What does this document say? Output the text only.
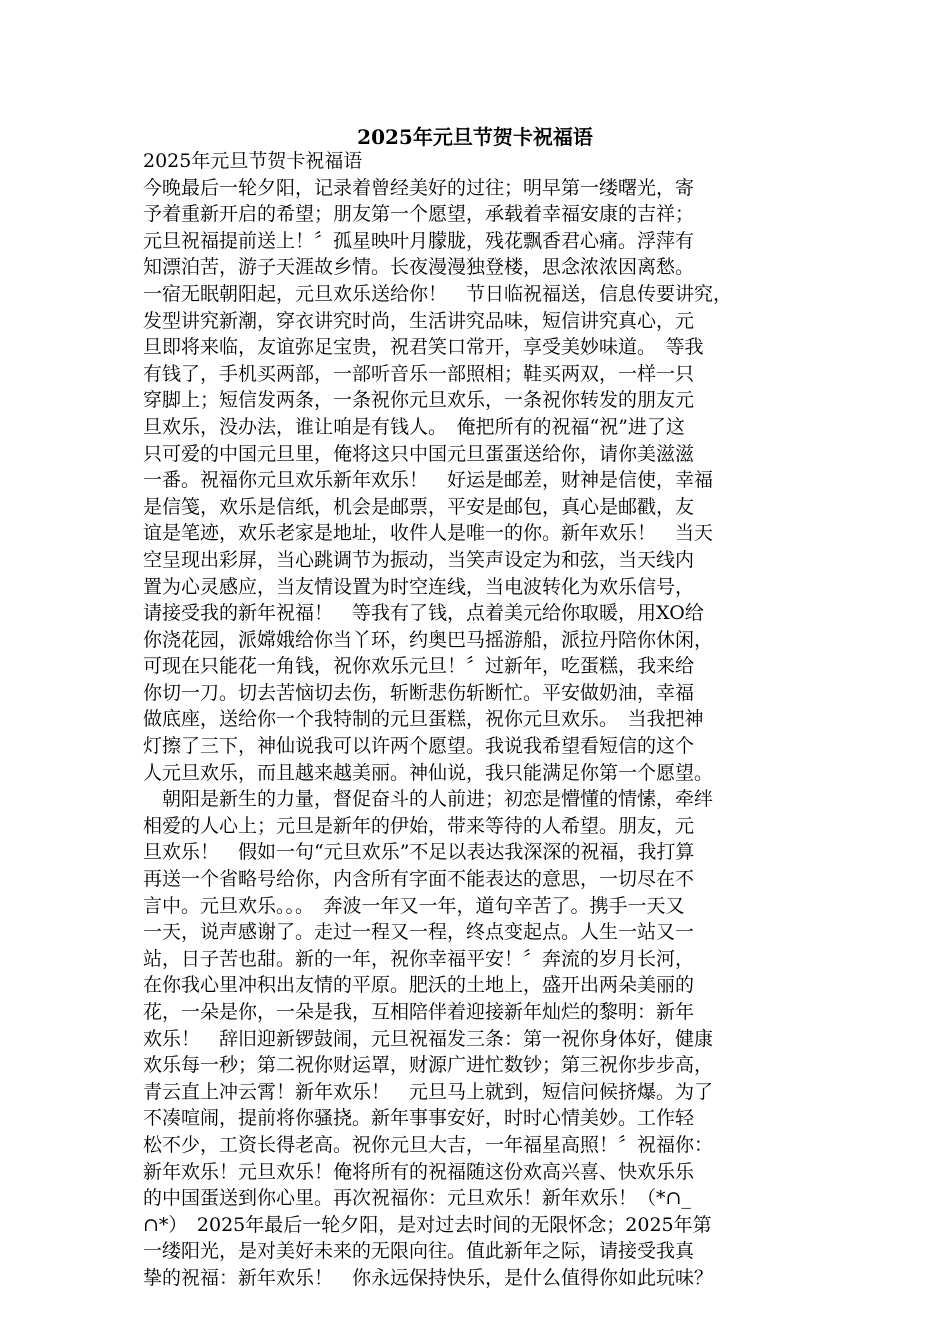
2025年元旦节贺卡祝福语
2025年元旦节贺卡祝福语
今晚最后一轮夕阳，记录着曾经美好的过往；明早第一缕曙光，寄
予着重新开启的希望；朋友第一个愿望，承载着幸福安康的吉祥；
元旦祝福提前送上！〞孤星映叶月朦胧，残花飘香君心痛。浮萍有
知漂泊苦，游子天涯故乡情。长夜漫漫独登楼，思念浓浓因离愁。
一宿无眠朝阳起，元旦欢乐送给你！　节日临祝福送，信息传要讲究，
发型讲究新潮，穿衣讲究时尚，生活讲究品味，短信讲究真心，元
旦即将来临，友谊弥足宝贵，祝君笑口常开，享受美妙味道。　等我
有钱了，手机买两部，一部听音乐一部照相；鞋买两双，一样一只
穿脚上；短信发两条，一条祝你元旦欢乐，一条祝你转发的朋友元
旦欢乐，没办法，谁让咱是有钱人。　俺把所有的祝福“祝”进了这
只可爱的中国元旦里，俺将这只中国元旦蛋蛋送给你，请你美滋滋
一番。祝福你元旦欢乐新年欢乐！　好运是邮差，财神是信使，幸福
是信笺，欢乐是信纸，机会是邮票，平安是邮包，真心是邮戳，友
谊是笔迹，欢乐老家是地址，收件人是唯一的你。新年欢乐！　当天
空呈现出彩屏，当心跳调节为振动，当笑声设定为和弦，当天线内
置为心灵感应，当友情设置为时空连线，当电波转化为欢乐信号，
请接受我的新年祝福！　等我有了钱，点着美元给你取暖，用XO给
你浇花园，派嫦娥给你当丫环，约奥巴马摇游船，派拉丹陪你休闲，
可现在只能花一角钱，祝你欢乐元旦！〞过新年，吃蛋糕，我来给
你切一刀。切去苦恼切去伤，斩断悲伤斩断忙。平安做奶油，幸福
做底座，送给你一个我特制的元旦蛋糕，祝你元旦欢乐。　当我把神
灯擦了三下，神仙说我可以许两个愿望。我说我希望看短信的这个
人元旦欢乐，而且越来越美丽。神仙说，我只能满足你第一个愿望。
　朝阳是新生的力量，督促奋斗的人前进；初恋是懵懂的情愫，牵绊
相爱的人心上；元旦是新年的伊始，带来等待的人希望。朋友，元
旦欢乐！　假如一句“元旦欢乐”不足以表达我深深的祝福，我打算
再送一个省略号给你，内含所有字面不能表达的意思，一切尽在不
言中。元旦欢乐。。。　奔波一年又一年，道句辛苦了。携手一天又
一天，说声感谢了。走过一程又一程，终点变起点。人生一站又一
站，日子苦也甜。新的一年，祝你幸福平安！〞奔流的岁月长河，
在你我心里冲积出友情的平原。肥沃的土地上，盛开出两朵美丽的
花，一朵是你，一朵是我，互相陪伴着迎接新年灿烂的黎明：新年
欢乐！　辞旧迎新锣鼓闹，元旦祝福发三条：第一祝你身体好，健康
欢乐每一秒；第二祝你财运罩，财源广进忙数钞；第三祝你步步高，
青云直上冲云霄！新年欢乐！　元旦马上就到，短信问候挤爆。为了
不凑喧闹，提前将你骚挠。新年事事安好，时时心情美妙。工作轻
松不少，工资长得老高。祝你元旦大吉，一年福星高照！〞祝福你：
新年欢乐！元旦欢乐！俺将所有的祝福随这份欢高兴喜、快欢乐乐
的中国蛋送到你心里。再次祝福你：元旦欢乐！新年欢乐！（*∩_
∩*）　2025年最后一轮夕阳，是对过去时间的无限怀念；2025年第
一缕阳光，是对美好未来的无限向往。值此新年之际，请接受我真
挚的祝福：新年欢乐！　你永远保持快乐，是什么值得你如此玩味？
